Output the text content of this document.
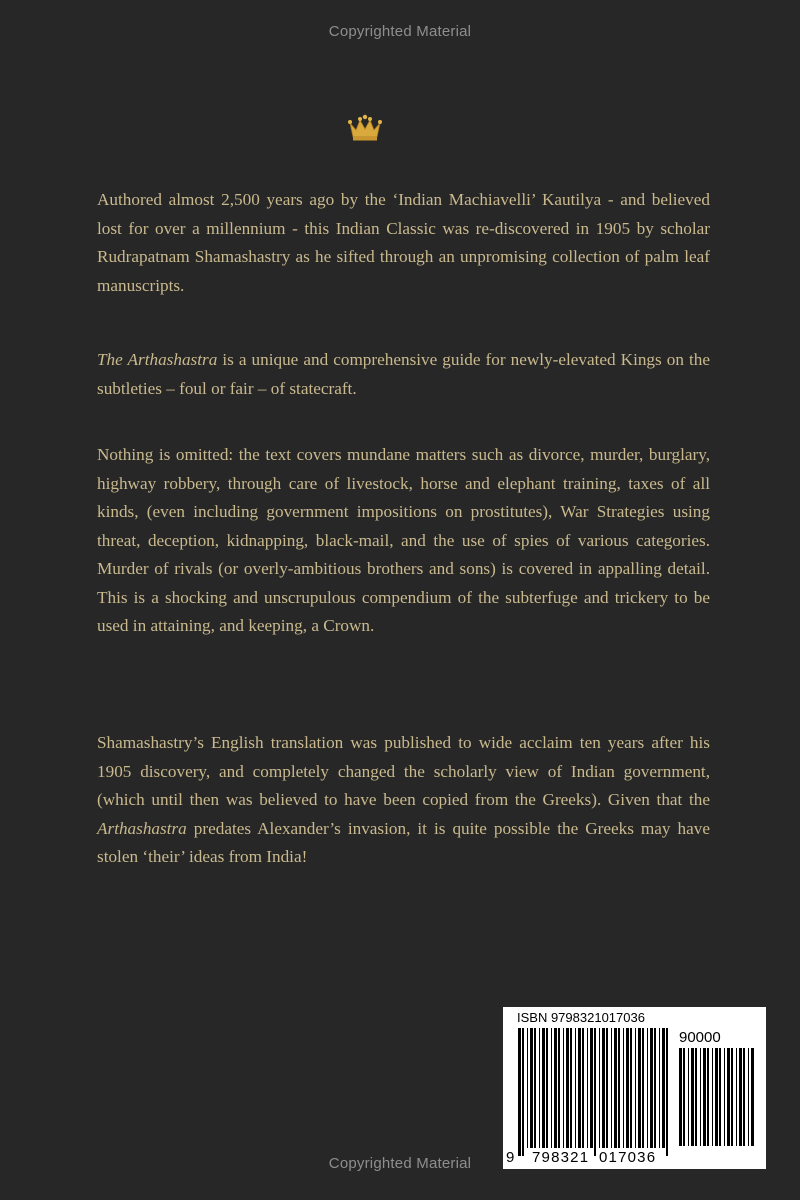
Copyrighted Material

Authored almost 2,500 years ago by the ‘Indian Machiavelli’ Kautilya - and believed lost for over a millennium - this Indian Classic was re-discovered in 1905 by scholar Rudrapatnam Shamashastry as he sifted through an unpromising collection of palm leaf manuscripts.

The Arthashastra is a unique and comprehensive guide for newly-elevated Kings on the subtleties – foul or fair – of statecraft.

Nothing is omitted: the text covers mundane matters such as divorce, murder, burglary, highway robbery, through care of livestock, horse and elephant training, taxes of all kinds, (even including government impositions on prostitutes), War Strategies using threat, deception, kidnapping, black-mail, and the use of spies of various categories. Murder of rivals (or overly-ambitious brothers and sons) is covered in appalling detail. This is a shocking and unscrupulous compendium of the subterfuge and trickery to be used in attaining, and keeping, a Crown.

Shamashastry’s English translation was published to wide acclaim ten years after his 1905 discovery, and completely changed the scholarly view of Indian government, (which until then was believed to have been copied from the Greeks). Given that the Arthashastra predates Alexander’s invasion, it is quite possible the Greeks may have stolen ‘their’ ideas from India!

ISBN 9798321017036
90000
9 798321 017036
Copyrighted Material
